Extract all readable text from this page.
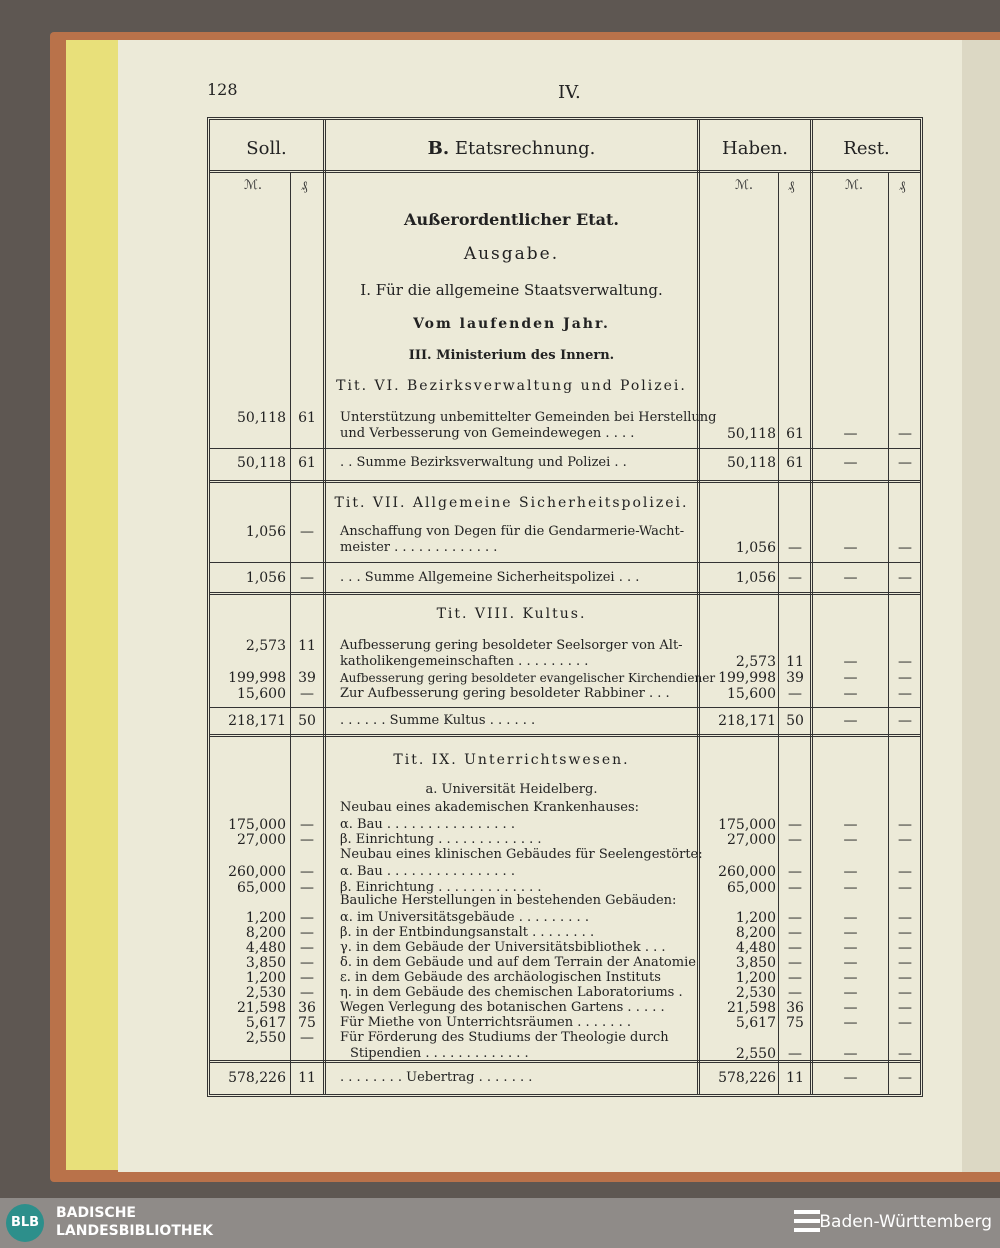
128	IV.
Soll.	B. Etatsrechnung.	Haben.	Rest.
ℳ.	₰	ℳ.	₰	ℳ.	₰
Außerordentlicher Etat.
Ausgabe.
I. Für die allgemeine Staatsverwaltung.
Vom laufenden Jahr.
III. Ministerium des Innern.
Tit. VI. Bezirksverwaltung und Polizei.
50,118 61	Unterstützung unbemittelter Gemeinden bei Herstellung
und Verbesserung von Gemeindewegen . . . .	50,118 61	—	—
50,118 61	. . Summe Bezirksverwaltung und Polizei . .	50,118 61	—	—
Tit. VII. Allgemeine Sicherheitspolizei.
1,056	—	Anschaffung von Degen für die Gendarmerie-Wacht-
meister . . . . . . . . . . . . .	1,056 —	—	—
1,056	—	. . . Summe Allgemeine Sicherheitspolizei . . .	1,056 —	—	—
Tit. VIII. Kultus.
2,573 11	Aufbesserung gering besoldeter Seelsorger von Alt-
katholikengemeinschaften . . . . . . . . .	2,573 11	—	—
199,998 39	Aufbesserung gering besoldeter evangelischer Kirchendiener 199,998 39	—	—
15,600	—	Zur Aufbesserung gering besoldeter Rabbiner . . .	15,600 —	—	—
218,171 50	. . . . . . Summe Kultus . . . . . .	218,171 50	—	—
Tit. IX. Unterrichtswesen.
a. Universität Heidelberg.
Neubau eines akademischen Krankenhauses:
175,000	—	α. Bau . . . . . . . . . . . . . . . .	175,000 —	—	—
27,000	—	β. Einrichtung . . . . . . . . . . . . .	27,000 —	—	—
260,000	—	α. Bau . . . . . . . . . . . . . . . .	260,000 —	—	—
65,000	—	β. Einrichtung . . . . . . . . . . . . .	65,000 —	—	—
1,200	—	α. im Universitätsgebäude . . . . . . . . .	1,200 —	—	—
8,200	—	β. in der Entbindungsanstalt . . . . . . . .	8,200 —	—	—
4,480	—	γ. in dem Gebäude der Universitätsbibliothek . . .	4,480 —	—	—
3,850	—	δ. in dem Gebäude und auf dem Terrain der Anatomie	3,850 —	—	—
1,200	—	ε. in dem Gebäude des archäologischen Instituts	1,200 —	—	—
2,530	—	η. in dem Gebäude des chemischen Laboratoriums .	2,530 —	—	—
21,598 36	Wegen Verlegung des botanischen Gartens . . . . .	21,598 36	—	—
5,617 75	Für Miethe von Unterrichtsräumen . . . . . . .	5,617 75	—	—
2,550	—	Für Förderung des Studiums der Theologie durch
Stipendien . . . . . . . . . . . . .	2,550 —	—	—
Neubau eines klinischen Gebäudes für Seelengestörte:
Bauliche Herstellungen in bestehenden Gebäuden:
578,226 11	. . . . . . . . Uebertrag . . . . . . .	578,226 11	—	—
BLB
BADISCHE
LANDESBIBLIOTHEK	Baden-Württemberg
